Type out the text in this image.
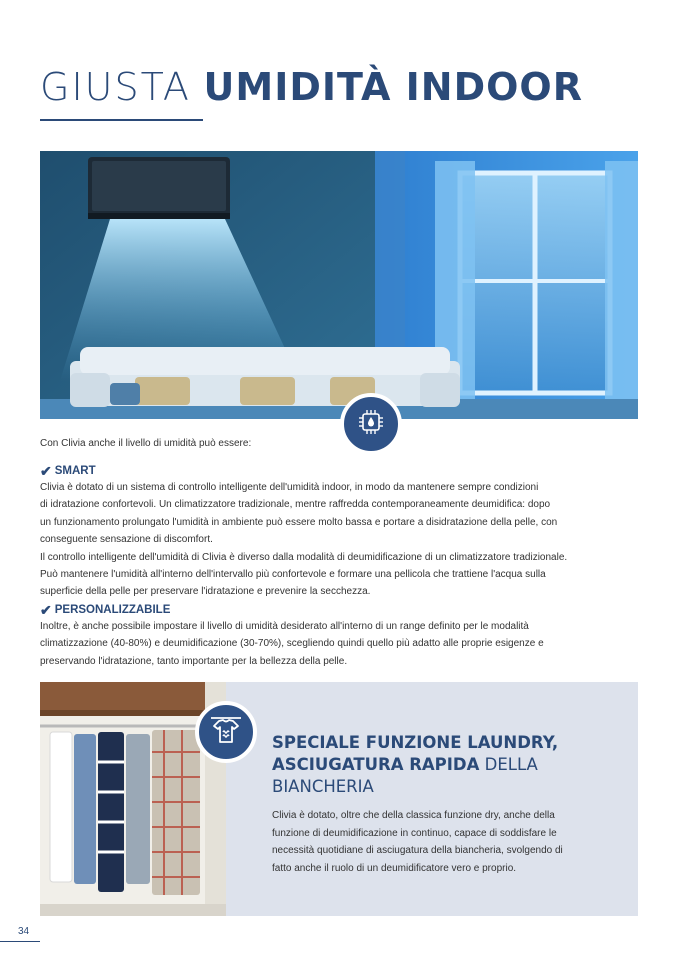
GIUSTA UMIDITÀ INDOOR
Con Clivia anche il livello di umidità può essere:
✔ SMART

Clivia è dotato di un sistema di controllo intelligente dell'umidità indoor, in modo da mantenere sempre condizioni

di idratazione confortevoli. Un climatizzatore tradizionale, mentre raffredda contemporaneamente deumidifica: dopo

un funzionamento prolungato l'umidità in ambiente può essere molto bassa e portare a disidratazione della pelle, con

conseguente sensazione di discomfort.

Il controllo intelligente dell'umidità di Clivia è diverso dalla modalità di deumidificazione di un climatizzatore tradizionale.

Può mantenere l'umidità all'interno dell'intervallo più confortevole e formare una pellicola che trattiene l'acqua sulla

superficie della pelle per preservare l'idratazione e prevenire la secchezza.

✔ PERSONALIZZABILE

Inoltre, è anche possibile impostare il livello di umidità desiderato all'interno di un range definito per le modalità

climatizzazione (40-80%) e deumidificazione (30-70%), scegliendo quindi quello più adatto alle proprie esigenze e

preservando l'idratazione, tanto importante per la bellezza della pelle.

SPECIALE FUNZIONE LAUNDRY,
ASCIUGATURA RAPIDA DELLA
BIANCHERIA

Clivia è dotato, oltre che della classica funzione dry, anche della

funzione di deumidificazione in continuo, capace di soddisfare le

necessità quotidiane di asciugatura della biancheria, svolgendo di

fatto anche il ruolo di un deumidificatore vero e proprio.

34
